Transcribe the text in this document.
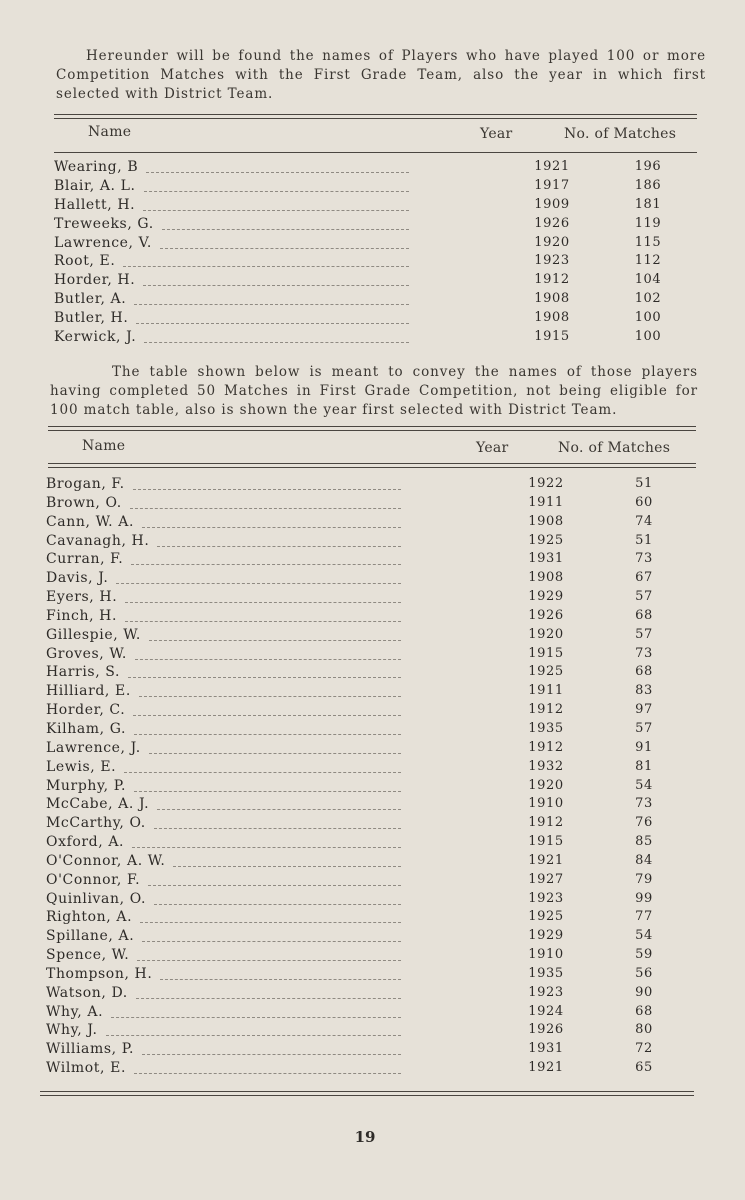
Hereunder will be found the names of Players who have played 100 or more Competition Matches with the First Grade Team, also the year in which first selected with District Team.

Name	Year	No. of Matches
Wearing, B	1921	196
Blair, A. L.	1917	186
Hallett, H.	1909	181
Treweeks, G.	1926	119
Lawrence, V.	1920	115
Root, E.	1923	112
Horder, H.	1912	104
Butler, A.	1908	102
Butler, H.	1908	100
Kerwick, J.	1915	100

The table shown below is meant to convey the names of those players having completed 50 Matches in First Grade Competition, not being eligible for 100 match table, also is shown the year first selected with District Team.

Name	Year	No. of Matches
Brogan, F.	1922	51
Brown, O.	1911	60
Cann, W. A.	1908	74
Cavanagh, H.	1925	51
Curran, F.	1931	73
Davis, J.	1908	67
Eyers, H.	1929	57
Finch, H.	1926	68
Gillespie, W.	1920	57
Groves, W.	1915	73
Harris, S.	1925	68
Hilliard, E.	1911	83
Horder, C.	1912	97
Kilham, G.	1935	57
Lawrence, J.	1912	91
Lewis, E.	1932	81
Murphy, P.	1920	54
McCabe, A. J.	1910	73
McCarthy, O.	1912	76
Oxford, A.	1915	85
O'Connor, A. W.	1921	84
O'Connor, F.	1927	79
Quinlivan, O.	1923	99
Righton, A.	1925	77
Spillane, A.	1929	54
Spence, W.	1910	59
Thompson, H.	1935	56
Watson, D.	1923	90
Why, A.	1924	68
Why, J.	1926	80
Williams, P.	1931	72
Wilmot, E.	1921	65
19
